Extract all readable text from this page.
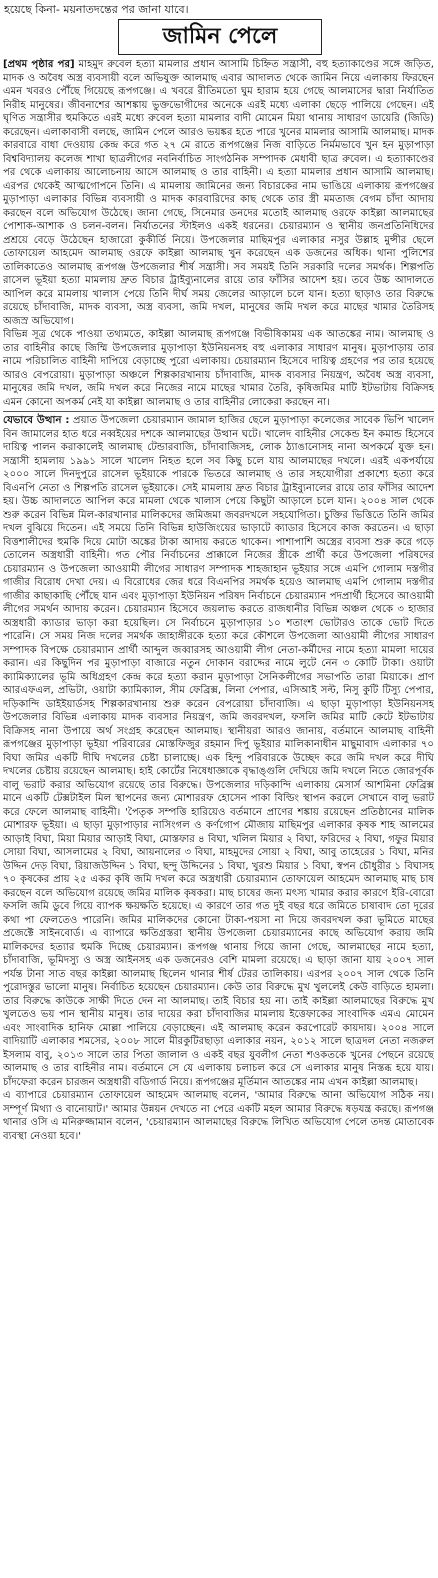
হয়েছে কিনা- ময়নাতদন্তের পর জানা যাবে।
জামিন পেলে

[প্রথম পৃষ্ঠার পর] মাহমুদ রুবেল হত্যা মামলার প্রধান আসামি চিহ্নিত সন্ত্রাসী, বহু হত্যাকাণ্ডের সঙ্গে জড়িত, মাদক ও অবৈধ অস্ত্র ব্যবসায়ী বলে অভিযুক্ত আলমাছ এবার আদালত থেকে জামিন নিয়ে এলাকায় ফিরছেন এমন খবরও পৌঁছে গিয়েছে রূপগঞ্জে। এ খবরে রীতিমতো ঘুম হারাম হয়ে গেছে আলমাসের দ্বারা নির্যাতিত নিরীহ মানুষের। জীবনাশের আশঙ্কায় ভুক্তভোগীদের অনেকে এরই মধ্যে এলাকা ছেড়ে পালিয়ে গেছেন। এই ঘৃণিত সন্ত্রাসীর হুমকিতে এরই মধ্যে রুবেল হত্যা মামলার বাদী মোমেন মিয়া থানায় সাধারণ ডায়েরি (জিডি) করেছেন। এলাকাবাসী বলছে, জামিন পেলে আরও ভয়ঙ্কর হতে পারে খুনের মামলার আসামি আলমাছ। মাদক কারবারে বাধা দেওয়ায় কেন্দ্র করে গত ২৭ মে রাতে রূপগঞ্জের নিজ বাড়িতে নির্মমভাবে খুন হন মুড়াপাড়া বিশ্ববিদ্যালয় কলেজ শাখা ছাত্রলীগের নবনির্বাচিত সাংগঠনিক সম্পাদক মেধাবী ছাত্র রুবেল। এ হত্যাকাণ্ডের পর থেকে এলাকায় আলোচনায় আসে আলমাছ ও তার বাহিনী। এ হত্যা মামলার প্রধান আসামি আলমাছ। এরপর থেকেই আত্মগোপনে তিনি। এ মামলায় জামিনের জন্য বিচারকের নাম ভাঙিয়ে এলাকায় রূপগঞ্জের মুড়াপাড়া এলাকার বিভিন্ন ব্যবসায়ী ও মাদক কারবারিদের কাছ থেকে তার স্ত্রী মমতাজ বেগম চাঁদা আদায় করছেন বলে অভিযোগ উঠেছে। জানা গেছে, সিনেমার ডনদের মতোই আলমাছ ওরফে কাইল্লা আলমাছের পোশাক-আশাক ও চলন-বলন। নির্যাতনের স্টাইলও একই ধরনের। চেয়ারম্যান ও স্থানীয় জনপ্রতিনিধিদের প্রশ্রয়ে বেড়ে উঠেছেন হাজারো কুকীর্তি নিয়ে। উপজেলার মাছিমপুর এলাকার নসুর উল্লাহ মুন্সীর ছেলে তোফায়েল আহমেদ আলমাছ ওরফে কাইল্লা আলমাছ খুন করেছেন এক ডজনের অধিক। থানা পুলিশের তালিকাতেও আলমাছ রূপগঞ্জ উপজেলার শীর্ষ সন্ত্রাসী। সব সময়ই তিনি সরকারি দলের সমর্থক। শিল্পপতি রাসেল ভূইয়া হত্যা মামলায় দ্রুত বিচার ট্রাইব্যুনালের রায়ে তার ফাঁসির আদেশ হয়। তবে উচ্চ আদালতে আপিল করে মামলায় খালাস পেয়ে তিনি দীর্ঘ সময় জেলের আড়ালে চলে যান। হত্যা ছাড়াও তার বিরুদ্ধে রয়েছে চাঁদাবাজি, মাদক ব্যবসা, অস্ত্র ব্যবসা, জমি দখল, মানুষের জমি দখল করে মাছের খামার তৈরিসহ অজস্র অভিযোগ।

বিভিন্ন সূত্র থেকে পাওয়া তথ্যমতে, কাইল্লা আলমাছ রূপগঞ্জে বিভীষিকাময় এক আতঙ্কের নাম। আলমাছ ও তার বাহিনীর কাছে জিম্মি উপজেলার মুড়াপাড়া ইউনিয়নসহ বহু এলাকার সাধারণ মানুষ। মুড়াপাড়ায় তার নামে পরিচালিত বাহিনী দাপিয়ে বেড়াচ্ছে পুরো এলাকায়। চেয়ারম্যান হিসেবে দায়িত্ব গ্রহণের পর তার হয়েছে আরও বেপরোয়া। মুড়াপাড়া অঞ্চলে শিল্পকারখানায় চাঁদাবাজি, মাদক ব্যবসার নিয়ন্ত্রণ, অবৈধ অস্ত্র ব্যবসা, মানুষের জমি দখল, জমি দখল করে নিজের নামে মাছের খামার তৈরি, কৃষিজমির মাটি ইটভাটায় বিক্রিসহ এমন কোনো অপকর্ম নেই যা কাইল্লা আলমাছ ও তার বাহিনীর লোকেরা করছেন না।

যেভাবে উত্থান : প্রয়াত উপজেলা চেয়ারম্যান জামাল হাজির ছেলে মুড়াপাড়া কলেজের সাবেক ভিপি খালেদ বিন জামালের হাত ধরে নব্বইয়ের দশকে আলমাছের উত্থান ঘটে। খালেদ বাহিনীর সেকেন্ড ইন কমান্ড হিসেবে দায়িত্ব পালন করাকালেই আলমাছ টেন্ডারবাজি, চাঁদাবাজিসহ, লোক ঠ্যাঙানোসহ নানা অপকর্মে যুক্ত হন। সন্ত্রাসী হামলায় ১৯৯১ সালে খালেদ নিহত হলে সব কিছু চলে যায় আলমাছের দখলে। এরই একপর্যায়ে ২০০০ সালে দিনদুপুরে রাসেল ভূইয়াকে পারকে ভিতরে আলমাছ ও তার সহযোগীরা প্রকাশ্যে হত্যা করে বিএনপি নেতা ও শিল্পপতি রাসেল ভূইয়াকে। সেই মামলায় দ্রুত বিচার ট্রাইব্যুনালের রায়ে তার ফাঁসির আদেশ হয়। উচ্চ আদালতে আপিল করে মামলা থেকে খালাস পেয়ে কিছুটা আড়ালে চলে যান। ২০০৪ সাল থেকে শুরু করেন বিভিন্ন মিল-কারখানার মালিকদের জমিজমা জবরদখলে সহযোগিতা। চুক্তির ভিত্তিতে তিনি জমির দখল বুঝিয়ে দিতেন। এই সময়ে তিনি বিভিন্ন হাউজিংয়ের ভাড়াটে ক্যাডার হিসেবে কাজ করতেন। এ ছাড়া বিত্তশালীদের হুমকি দিয়ে মোটা অঙ্কের টাকা আদায় করতে থাকেন। পাশাপাশি অস্ত্রের ব্যবসা শুরু করে গড়ে তোলেন অস্ত্রধারী বাহিনী। গত পৌর নির্বাচনের প্রাক্কালে নিজের স্ত্রীকে প্রার্থী করে উপজেলা পরিষদের চেয়ারম্যান ও উপজেলা আওয়ামী লীগের সাধারণ সম্পাদক শাহজাহান ভূইয়ার সঙ্গে এমপি গোলাম দস্তগীর গাজীর বিরোধ দেখা দেয়। এ বিরোধের জের ধরে বিএনপির সমর্থক হয়েও আলমাছ এমপি গোলাম দস্তগীর গাজীর কাছাকাছি পৌঁছে যান এবং মুড়াপাড়া ইউনিয়ন পরিষদ নির্বাচনে চেয়ারম্যান পদপ্রার্থী হিসেবে আওয়ামী লীগের সমর্থন আদায় করেন। চেয়ারম্যান হিসেবে জয়লাভ করতে রাজধানীর বিভিন্ন অঞ্চল থেকে ৩ হাজার অস্ত্রধারী ক্যাডার ভাড়া করা হয়েছিল। সে নির্বাচনে মুড়াপাড়ার ১০ শতাংশ ভোটারও তাকে ভোট দিতে পারেনি। সে সময় নিজ দলের সমর্থক জাহাঙ্গীরকে হত্যা করে কৌশলে উপজেলা আওয়ামী লীগের সাধারণ সম্পাদক বিপক্ষে চেয়ারম্যান প্রার্থী আব্দুল জব্বারসহ আওয়ামী লীগ নেতা-কর্মীদের নামে হত্যা মামলা দায়ের করান। এর কিছুদিন পর মুড়াপাড়া বাজারে নতুন দোকান বরাদ্দের নামে লুটে নেন ৩ কোটি টাকা। ওয়াটা ক্যামিক্যালের ভূমি অধিগ্রহণ কেন্দ্র করে হত্যা করান মুড়াপাড়া সৈনিকলীগের সভাপতি তারা মিয়াকে। প্রাণ আরএফএল, প্রভিটা, ওয়াটা ক্যামিক্যাল, সীম ফেব্রিক্স, লিনা পেপার, এসিআই সল্ট, নিসু কুটি টিস্যু পেপার, দড়িকান্দি ডাইইয়ার্ডসহ শিল্পকারখানায় শুরু করেন বেপরোয়া চাঁদাবাজি। এ ছাড়া মুড়াপাড়া ইউনিয়নসহ উপজেলার বিভিন্ন এলাকায় মাদক ব্যবসার নিয়ন্ত্রণ, জমি জবরদখল, ফসলি জমির মাটি কেটে ইটভাটায় বিক্রিসহ নানা উপায়ে অর্থ সংগ্রহ করেছেন আলমাছ। স্থানীয়রা আরও জানায়, বর্তমানে আলমাছ বাহিনী রূপগঞ্জের মুড়াপাড়া ভূইয়া পরিবারের মোস্তফিজুর রহমান দিপু ভূইয়ার মালিকানাধীন মাছুমাবাদ এলাকার ৭০ বিঘা জমির একটি দীঘি দখলের চেষ্টা চালাচ্ছে। এক হিন্দু পরিবারকে উচ্ছেদ করে জমি দখল করে দীঘি দখলের চেষ্টায় রয়েছেন আলমাছ। হাই কোর্টের নিষেধাজ্ঞাকে বৃদ্ধাঙ্গুলি দেখিয়ে জমি দখলে নিতে জোরপূর্বক বালু ভরাট করার অভিযোগ রয়েছে তার বিরুদ্ধে। উপজেলার দড়িকান্দি এলাকায় মেসার্স আশমিনা ফেব্রিক্স মানে একটি টেক্সটাইল মিল স্থাপনের জন্য মোশাররফ হোসেন পাকা বিল্ডিং স্থাপন করলে সেখানে বালু ভরাট করে ফেলে আলমাছ বাহিনী। 'পৈতৃক সম্পত্তি হারিয়েও বর্তমানে প্রাণের শঙ্কায় রয়েছেন প্রতিষ্ঠানের মালিক মোশারফ ভূইয়া। এ ছাড়া মুড়াপাড়ার নাসিংগল ও কর্ণগোপ মৌজায় মাছিমপুর এলাকার কৃষক শাহ আলমের আড়াই বিঘা, মিয়া মিয়ার আড়াই বিঘা, মোস্তফার ৪ বিঘা, খলিল মিয়ার ২ বিঘা, ফরিদের ২ বিঘা, গফুর মিয়ার সোয়া বিঘা, আসলামের ২ বিঘা, আয়নালের ৩ বিঘা, মাহমুদের সোয়া ২ বিঘা, আবু তাহেরের ১ বিঘা, মনির উদ্দিন দেড় বিঘা, রিয়াজউদ্দিন ১ বিঘা, ছন্দু উদ্দিনের ১ বিঘা, খুরশু মিয়ার ১ বিঘা, স্বপন চৌধুরীর ১ বিঘাসহ ৭০ কৃষকের প্রায় ২৫ একর কৃষি জমি দখল করে অস্ত্রধারী চেয়ারম্যান তোফায়েল আহমেদ আলমাছ মাছ চাষ করছেন বলে অভিযোগ রয়েছে জমির মালিক কৃষকরা। মাছ চাষের জন্য মৎস্য খামার করার কারণে ইরি-বোরো ফসলি জমি ডুবে গিয়ে ব্যাপক ক্ষয়ক্ষতি হয়েছে। এ কারণে তার গত দুই বছর ধরে জমিতে চাষাবাদ তো দূরের কথা পা ফেলতেও পারেনি। জমির মালিকদের কোনো টাকা-পয়সা না দিয়ে জবরদখল করা ভূমিতে মাছের প্রজেক্টে সাইনবোর্ড। এ ব্যাপারে ক্ষতিগ্রস্তরা স্থানীয় উপজেলা চেয়ারম্যানের কাছে অভিযোগ করায় জমি মালিকদের হত্যার হুমকি দিচ্ছে চেয়ারম্যান। রূপগঞ্জ থানায় গিয়ে জানা গেছে, আলমাছের নামে হত্যা, চাঁদাবাজি, ভূমিদস্যু ও অস্ত্র আইনসহ এক ডজনেরও বেশি মামলা রয়েছে। এ ছাড়া জানা যায় ২০০৭ সাল পর্যন্ত টানা সাত বছর কাইল্লা আলমাছ ছিলেন থানার শীর্ষ টেরর তালিকায়। এরপর ২০০৭ সাল থেকে তিনি পুরোদস্তুর ভালো মানুষ। নির্বাচিত হয়েছেন চেয়ারম্যান। কেউ তার বিরুদ্ধে মুখ খুললেই কেউ বাড়িতে হামলা। তার বিরুদ্ধে কাউকে সাক্ষী দিতে দেন না আলমাছ। তাই বিচার হয় না। তাই কাইল্লা আলমাছের বিরুদ্ধে মুখ খুলতেও ভয় পান স্থানীয় মানুষ। তার দায়ের করা চাঁদাবাজির মামলায় ইত্তেফাকের সাংবাদিক এমএ মোমেন এবং সাংবাদিক হানিফ মোল্লা পালিয়ে বেড়াচ্ছেন। এই আলমাছ করেন করপোরেট কায়দায়। ২০০৪ সালে বাদিয়াটি এলাকার শমসের, ২০০৮ সালে মীরকুটিরছাড়া এলাকার নয়ন, ২০১২ সালে ছাত্রদল নেতা নজরুল ইসলাম বাবু, ২০১৩ সালে তার পিতা জালাল ও একই বছর যুবলীগ নেতা শওকতকে খুনের পেছনে রয়েছে আলমাছ ও তার বাহিনীর নাম। বর্তমানে সে যে এলাকায় চলাচল করে সে এলাকার মানুষ নিস্তব্ধ হয়ে যায়। চাঁদফেরা করেন চারজন অস্ত্রধারী বডিগার্ড নিয়ে। রূপগঞ্জের মূর্তিমান আতঙ্কের নাম এখন কাইল্লা আলমাছ।

এ ব্যাপারে চেয়ারম্যান তোফায়েল আহমেদ আলমাছ বলেন, 'আমার বিরুদ্ধে আনা অভিযোগ সঠিক নয়। সম্পূর্ণ মিথ্যা ও বানোয়াট।' আমার উন্নয়ন দেখতে না পেরে একটি মহল আমার বিরুদ্ধে ষড়যন্ত্র করছে। রূপগঞ্জ থানার ওসি এ মনিরুজ্জামান বলেন, 'চেয়ারম্যান আলমাছের বিরুদ্ধে লিখিত অভিযোগ পেলে তদন্ত মোতাবেক ব্যবস্থা নেওয়া হবে।'
